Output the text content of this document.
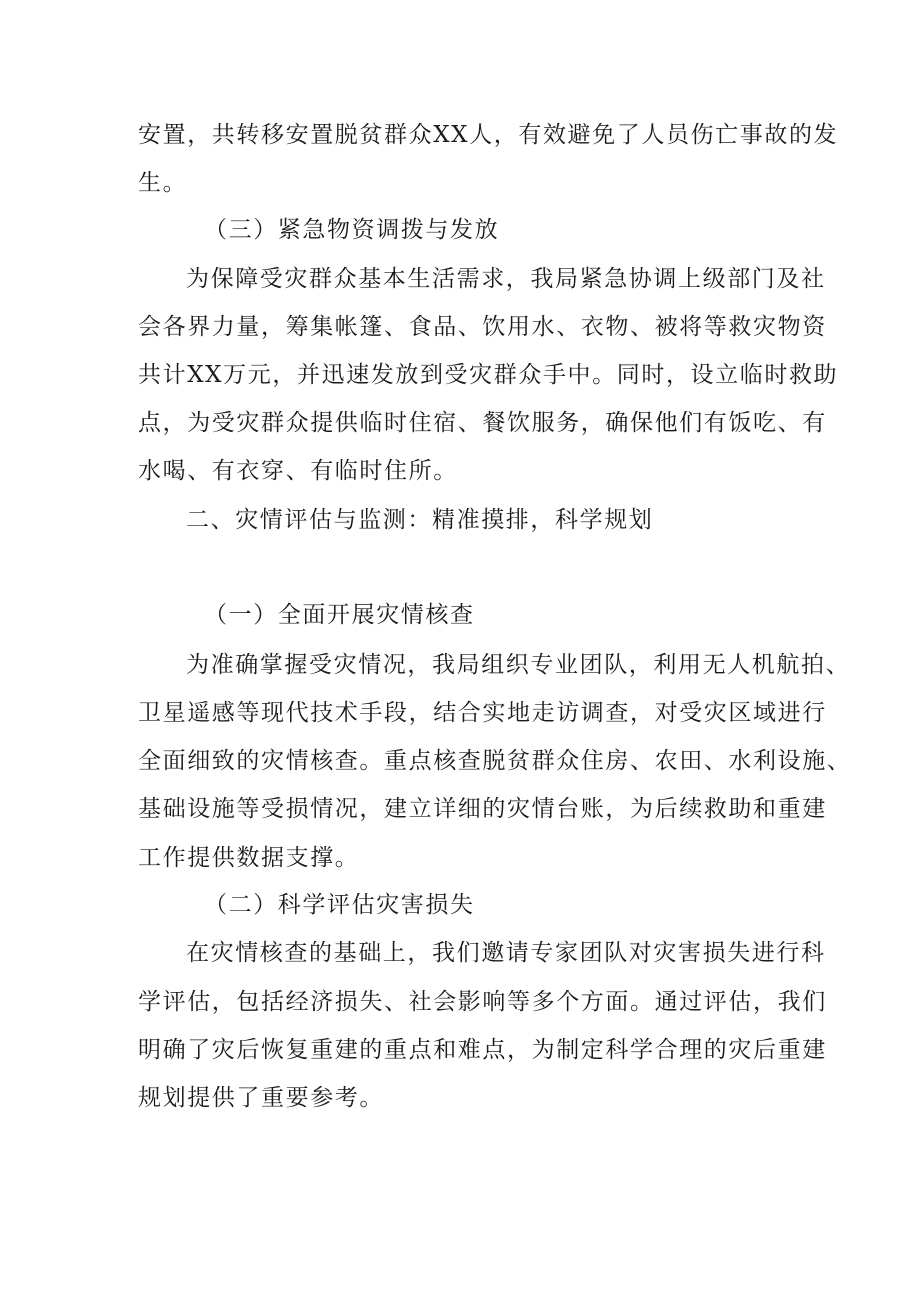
安置，共转移安置脱贫群众XX人，有效避免了人员伤亡事故的发
生。
（三）紧急物资调拨与发放
为保障受灾群众基本生活需求，我局紧急协调上级部门及社
会各界力量，筹集帐篷、食品、饮用水、衣物、被将等救灾物资
共计XX万元，并迅速发放到受灾群众手中。同时，设立临时救助
点，为受灾群众提供临时住宿、餐饮服务，确保他们有饭吃、有
水喝、有衣穿、有临时住所。
二、灾情评估与监测：精准摸排，科学规划
（一）全面开展灾情核查
为准确掌握受灾情况，我局组织专业团队，利用无人机航拍、
卫星遥感等现代技术手段，结合实地走访调查，对受灾区域进行
全面细致的灾情核查。重点核查脱贫群众住房、农田、水利设施、
基础设施等受损情况，建立详细的灾情台账，为后续救助和重建
工作提供数据支撑。
（二）科学评估灾害损失
在灾情核查的基础上，我们邀请专家团队对灾害损失进行科
学评估，包括经济损失、社会影响等多个方面。通过评估，我们
明确了灾后恢复重建的重点和难点，为制定科学合理的灾后重建
规划提供了重要参考。
